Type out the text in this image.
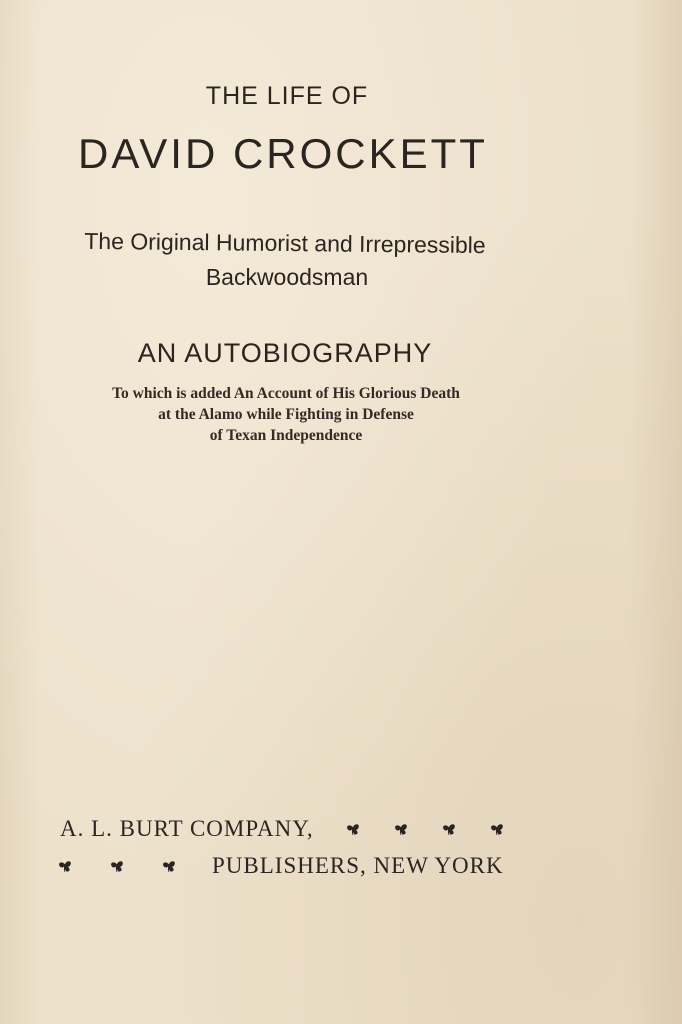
THE LIFE OF
DAVID CROCKETT
The Original Humorist and Irrepressible
Backwoodsman
AN AUTOBIOGRAPHY
To which is added An Account of His Glorious Death
at the Alamo while Fighting in Defense
of Texan Independence
A. L. BURT COMPANY,
PUBLISHERS, NEW YORK
